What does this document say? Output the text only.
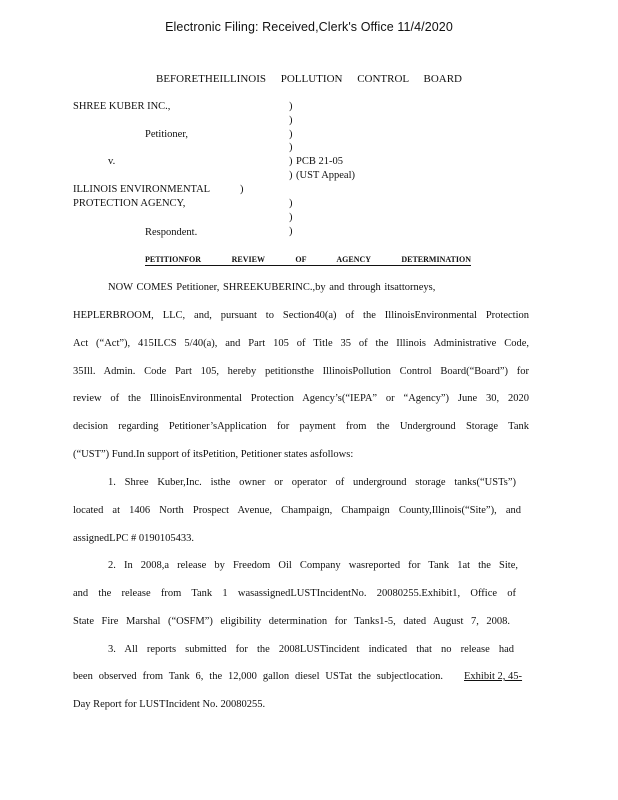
Electronic Filing: Received,Clerk's Office 11/4/2020
BEFORETHEILLINOIS POLLUTION CONTROL BOARD
SHREE KUBER INC.,
Petitioner,
v.
ILLINOIS ENVIRONMENTAL
PROTECTION AGENCY,
Respondent.
)
)
)
)
) PCB 21-05
) (UST Appeal)
)
)
)
)
PETITIONFOR REVIEW OF AGENCY DETERMINATION
NOW COMES Petitioner, SHREEKUBERINC.,by and through itsattorneys,
HEPLERBROOM, LLC, and, pursuant to Section40(a) of the IllinoisEnvironmental Protection
Act (“Act”), 415ILCS 5/40(a), and Part 105 of Title 35 of the Illinois Administrative Code,
35Ill. Admin. Code Part 105, hereby petitionsthe IllinoisPollution Control Board(“Board”) for
review of the IllinoisEnvironmental Protection Agency’s(“IEPA” or “Agency”) June 30, 2020
decision regarding Petitioner’sApplication for payment from the Underground Storage Tank
(“UST”) Fund.In support of itsPetition, Petitioner states asfollows:
1. Shree Kuber,Inc. isthe owner or operator of underground storage tanks(“USTs”)
located at 1406 North Prospect Avenue, Champaign, Champaign County,Illinois(“Site”), and
assignedLPC # 0190105433.
2. In 2008,a release by Freedom Oil Company wasreported for Tank 1at the Site,
and the release from Tank 1 wasassignedLUSTIncidentNo. 20080255.Exhibit1, Office of
State Fire Marshal (“OSFM”) eligibility determination for Tanks1-5, dated August 7, 2008.
3. All reports submitted for the 2008LUSTincident indicated that no release had
been observed from Tank 6, the 12,000 gallon diesel USTat the subjectlocation. Exhibit 2, 45-
Day Report for LUSTIncident No. 20080255.
